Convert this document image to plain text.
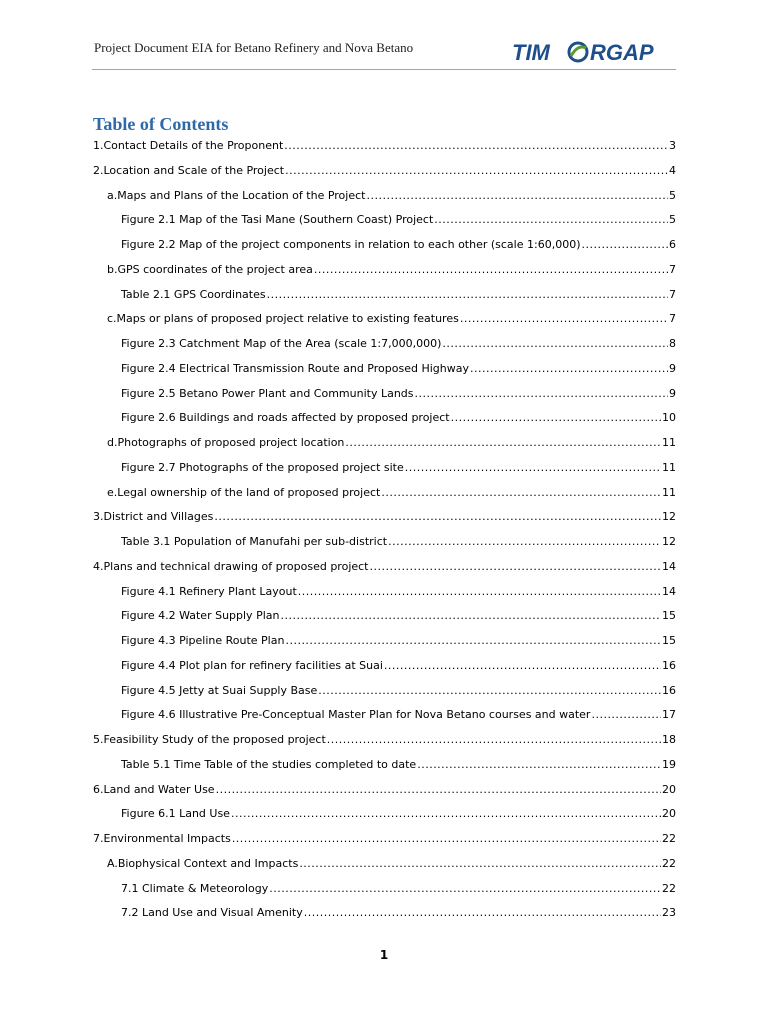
Project Document EIA for Betano Refinery and Nova Betano	TIM RGAP
Table of Contents
1. Contact Details of the Proponent .....	3
2. Location and Scale of the Project .....	4
a. Maps and Plans of the Location of the Project .....	5
Figure 2.1 Map of the Tasi Mane (Southern Coast) Project .....	5
Figure 2.2 Map of the project components in relation to each other (scale 1:60,000) .....	6
b. GPS coordinates of the project area .....	7
Table 2.1 GPS Coordinates .....	7
c. Maps or plans of proposed project relative to existing features .....	7
Figure 2.3 Catchment Map of the Area (scale 1:7,000,000) .....	8
Figure 2.4 Electrical Transmission Route and Proposed Highway .....	9
Figure 2.5 Betano Power Plant and Community Lands .....	9
Figure 2.6 Buildings and roads affected by proposed project .....	10
d. Photographs of proposed project location .....	11
Figure 2.7 Photographs of the proposed project site .....	11
e. Legal ownership of the land of proposed project .....	11
3. District and Villages .....	12
Table 3.1 Population of Manufahi per sub-district .....	12
4. Plans and technical drawing of proposed project .....	14
Figure 4.1 Refinery Plant Layout .....	14
Figure 4.2 Water Supply Plan .....	15
Figure 4.3 Pipeline Route Plan .....	15
Figure 4.4 Plot plan for refinery facilities at Suai .....	16
Figure 4.5 Jetty at Suai Supply Base .....	16
Figure 4.6 Illustrative Pre-Conceptual Master Plan for Nova Betano courses and water .....	17
5. Feasibility Study of the proposed project .....	18
Table 5.1 Time Table of the studies completed to date .....	19
6. Land and Water Use .....	20
Figure 6.1 Land Use .....	20
7. Environmental Impacts .....	22
A. Biophysical Context and Impacts .....	22
7.1 Climate & Meteorology .....	22
7.2 Land Use and Visual Amenity .....	23
1
